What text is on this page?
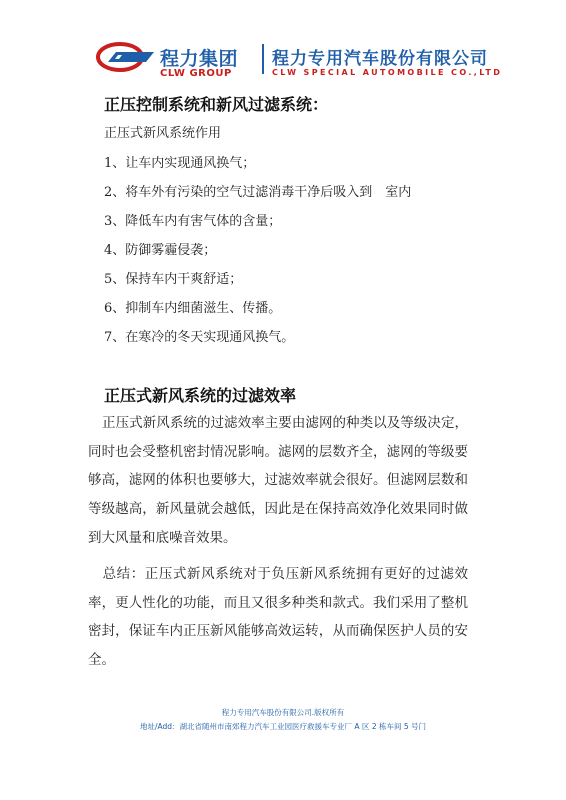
程力集团
CLW GROUP
程力专用汽车股份有限公司
CLW SPECIAL AUTOMOBILE CO.,LTD
正压控制系统和新风过滤系统：
正压式新风系统作用
1、让车内实现通风换气；
2、将车外有污染的空气过滤消毒干净后吸入到　室内
3、降低车内有害气体的含量；
4、防御雾霾侵袭；
5、保持车内干爽舒适；
6、抑制车内细菌滋生、传播。
7、在寒冷的冬天实现通风换气。
正压式新风系统的过滤效率

正压式新风系统的过滤效率主要由滤网的种类以及等级决定，同时也会受整机密封情况影响。滤网的层数齐全，滤网的等级要够高，滤网的体积也要够大，过滤效率就会很好。但滤网层数和等级越高，新风量就会越低，因此是在保持高效净化效果同时做到大风量和底噪音效果。

总结：正压式新风系统对于负压新风系统拥有更好的过滤效率，更人性化的功能，而且又很多种类和款式。我们采用了整机密封，保证车内正压新风能够高效运转，从而确保医护人员的安全。

程力专用汽车股份有限公司.版权所有
地址/Add：湖北省随州市南郊程力汽车工业园医疗救援车专业厂 A 区 2 栋车间 5 号门
